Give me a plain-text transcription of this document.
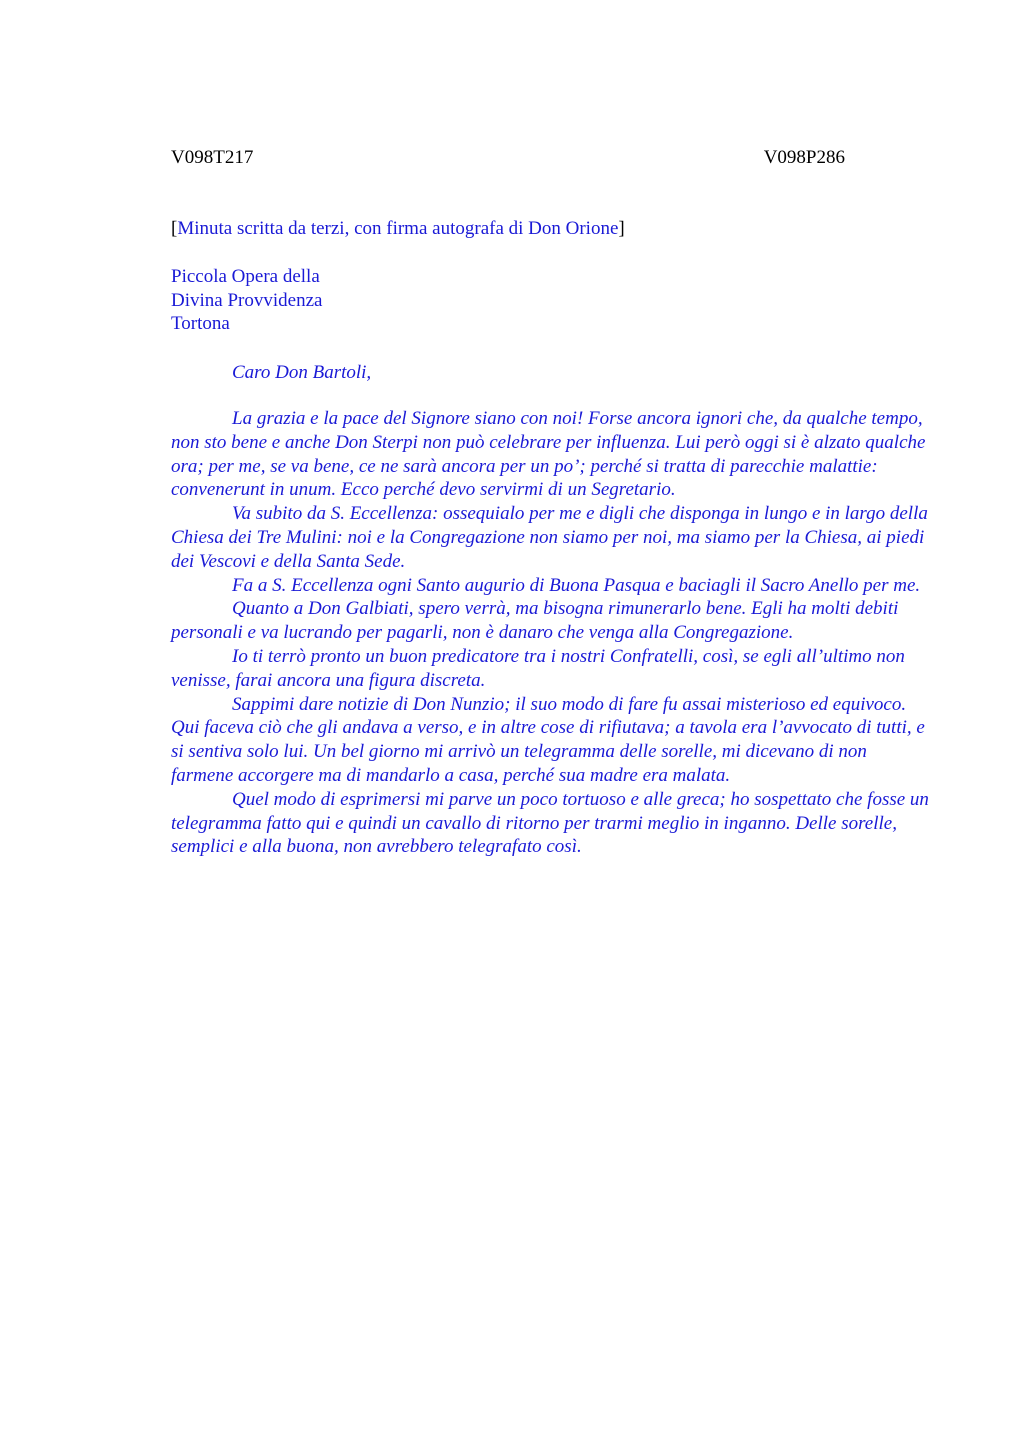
V098T217	V098P286
[Minuta scritta da terzi, con firma autografa di Don Orione]
Piccola Opera della
Divina Provvidenza
Tortona
Caro Don Bartoli,

La grazia e la pace del Signore siano con noi! Forse ancora ignori che, da qualche tempo, non sto bene e anche Don Sterpi non può celebrare per influenza. Lui però oggi si è alzato qualche ora; per me, se va bene, ce ne sarà ancora per un po’; perché si tratta di parecchie malattie: convenerunt in unum. Ecco perché devo servirmi di un Segretario.

Va subito da S. Eccellenza: ossequialo per me e digli che disponga in lungo e in largo della Chiesa dei Tre Mulini: noi e la Congregazione non siamo per noi, ma siamo per la Chiesa, ai piedi dei Vescovi e della Santa Sede.

Fa a S. Eccellenza ogni Santo augurio di Buona Pasqua e baciagli il Sacro Anello per me.

Quanto a Don Galbiati, spero verrà, ma bisogna rimunerarlo bene. Egli ha molti debiti personali e va lucrando per pagarli, non è danaro che venga alla Congregazione.

Io ti terrò pronto un buon predicatore tra i nostri Confratelli, così, se egli all’ultimo non venisse, farai ancora una figura discreta.

Sappimi dare notizie di Don Nunzio; il suo modo di fare fu assai misterioso ed equivoco. Qui faceva ciò che gli andava a verso, e in altre cose di rifiutava; a tavola era l’avvocato di tutti, e si sentiva solo lui. Un bel giorno mi arrivò un telegramma delle sorelle, mi dicevano di non farmene accorgere ma di mandarlo a casa, perché sua madre era malata.

Quel modo di esprimersi mi parve un poco tortuoso e alle greca; ho sospettato che fosse un telegramma fatto qui e quindi un cavallo di ritorno per trarmi meglio in inganno. Delle sorelle, semplici e alla buona, non avrebbero telegrafato così.
